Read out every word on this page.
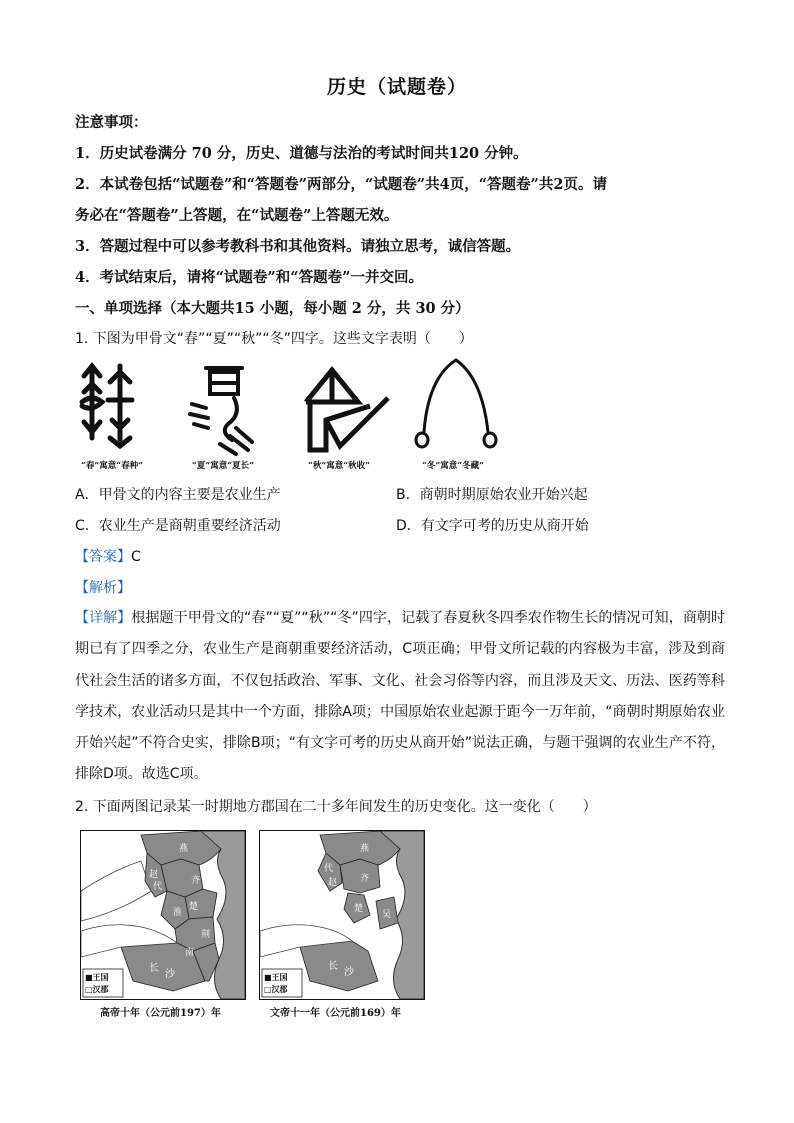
历史（试题卷）
注意事项：
1．历史试卷满分 70 分，历史、道德与法治的考试时间共120 分钟。
2．本试卷包括“试题卷”和“答题卷”两部分，“试题卷”共4页，“答题卷”共2页。请
务必在“答题卷”上答题，在“试题卷”上答题无效。
3．答题过程中可以参考教科书和其他资料。请独立思考，诚信答题。
4．考试结束后，请将“试题卷”和“答题卷”一并交回。
一、单项选择（本大题共15 小题，每小题 2 分，共 30 分）
1. 下图为甲骨文“春”“夏”“秋”“冬”四字。这些文字表明（　　）
“春”寓意“春种”	“夏”寓意“夏长”	“秋”寓意“秋收”	“冬”寓意“冬藏”
A．甲骨文的内容主要是农业生产	B．商朝时期原始农业开始兴起
C．农业生产是商朝重要经济活动	D．有文字可考的历史从商开始
【答案】C
【解析】
【详解】根据题干甲骨文的“春”“夏”“秋”“冬”四字，记载了春夏秋冬四季农作物生长的情况可知，商朝时期已有了四季之分，农业生产是商朝重要经济活动，C项正确；甲骨文所记载的内容极为丰富，涉及到商代社会生活的诸多方面，不仅包括政治、军事、文化、社会习俗等内容，而且涉及天文、历法、医药等科学技术，农业活动只是其中一个方面，排除A项；中国原始农业起源于距今一万年前，“商朝时期原始农业开始兴起”不符合史实，排除B项；“有文字可考的历史从商开始”说法正确，与题干强调的农业生产不符，排除D项。故选C项。
2. 下面两图记录某一时期地方郡国在二十多年间发生的历史变化。这一变化（　　）
燕
赵
代
齐
楚
淮
荆
南
长
沙
■王国
□汉郡
高帝十年（公元前197）年
燕
代
赵	齐
楚
吴
长
沙
■王国
□汉郡
文帝十一年（公元前169）年
